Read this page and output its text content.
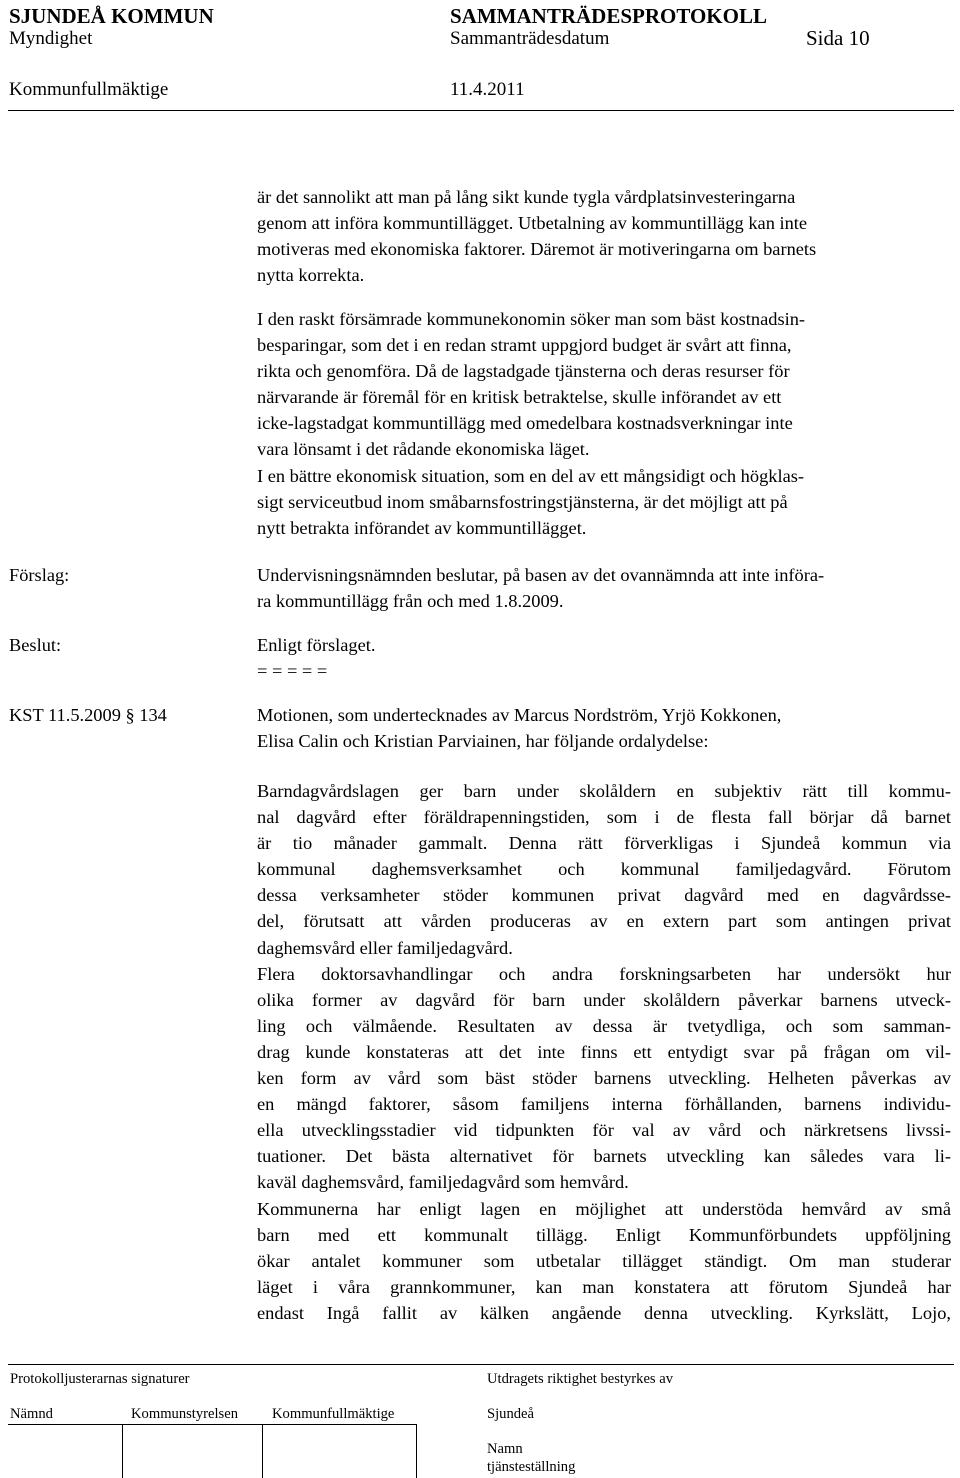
SJUNDEÅ KOMMUN	SAMMANTRÄDESPROTOKOLL
Myndighet	Sammanträdesdatum	Sida 10
Kommunfullmäktige	11.4.2011
är det sannolikt att man på lång sikt kunde tygla vårdplatsinvesteringarna
genom att införa kommuntillägget. Utbetalning av kommuntillägg kan inte
motiveras med ekonomiska faktorer. Däremot är motiveringarna om barnets
nytta korrekta.
I den raskt försämrade kommunekonomin söker man som bäst kostnadsin-
besparingar, som det i en redan stramt uppgjord budget är svårt att finna,
rikta och genomföra. Då de lagstadgade tjänsterna och deras resurser för
närvarande är föremål för en kritisk betraktelse, skulle införandet av ett
icke-lagstadgat kommuntillägg med omedelbara kostnadsverkningar inte
vara lönsamt i det rådande ekonomiska läget.
I en bättre ekonomisk situation, som en del av ett mångsidigt och högklas-
sigt serviceutbud inom småbarnsfostringstjänsterna, är det möjligt att på
nytt betrakta införandet av kommuntillägget.
Förslag:	Undervisningsnämnden beslutar, på basen av det ovannämnda att inte införa-
ra kommuntillägg från och med 1.8.2009.
Beslut:	Enligt förslaget.
= = = = =
KST 11.5.2009 § 134	Motionen, som undertecknades av Marcus Nordström, Yrjö Kokkonen,
Elisa Calin och Kristian Parviainen, har följande ordalydelse:
Barndagvårdslagen ger barn under skolåldern en subjektiv rätt till kommu-
nal dagvård efter föräldrapenningstiden, som i de flesta fall börjar då barnet
är tio månader gammalt. Denna rätt förverkligas i Sjundeå kommun via
kommunal daghemsverksamhet och kommunal familjedagvård. Förutom
dessa verksamheter stöder kommunen privat dagvård med en dagvårdsse-
del, förutsatt att vården produceras av en extern part som antingen privat
daghemsvård eller familjedagvård.
Flera doktorsavhandlingar och andra forskningsarbeten har undersökt hur
olika former av dagvård för barn under skolåldern påverkar barnens utveck-
ling och välmående. Resultaten av dessa är tvetydliga, och som samman-
drag kunde konstateras att det inte finns ett entydigt svar på frågan om vil-
ken form av vård som bäst stöder barnens utveckling. Helheten påverkas av
en mängd faktorer, såsom familjens interna förhållanden, barnens individu-
ella utvecklingsstadier vid tidpunkten för val av vård och närkretsens livssi-
tuationer. Det bästa alternativet för barnets utveckling kan således vara li-
kaväl daghemsvård, familjedagvård som hemvård.
Kommunerna har enligt lagen en möjlighet att understöda hemvård av små
barn med ett kommunalt tillägg. Enligt Kommunförbundets uppföljning
ökar antalet kommuner som utbetalar tillägget ständigt. Om man studerar
läget i våra grannkommuner, kan man konstatera att förutom Sjundeå har
endast Ingå fallit av kälken angående denna utveckling. Kyrkslätt, Lojo,
Protokolljusterarnas signaturer	Utdragets riktighet bestyrkes av
Nämnd	Kommunstyrelsen Kommunfullmäktige	Sjundeå
Namn
tjänsteställning
